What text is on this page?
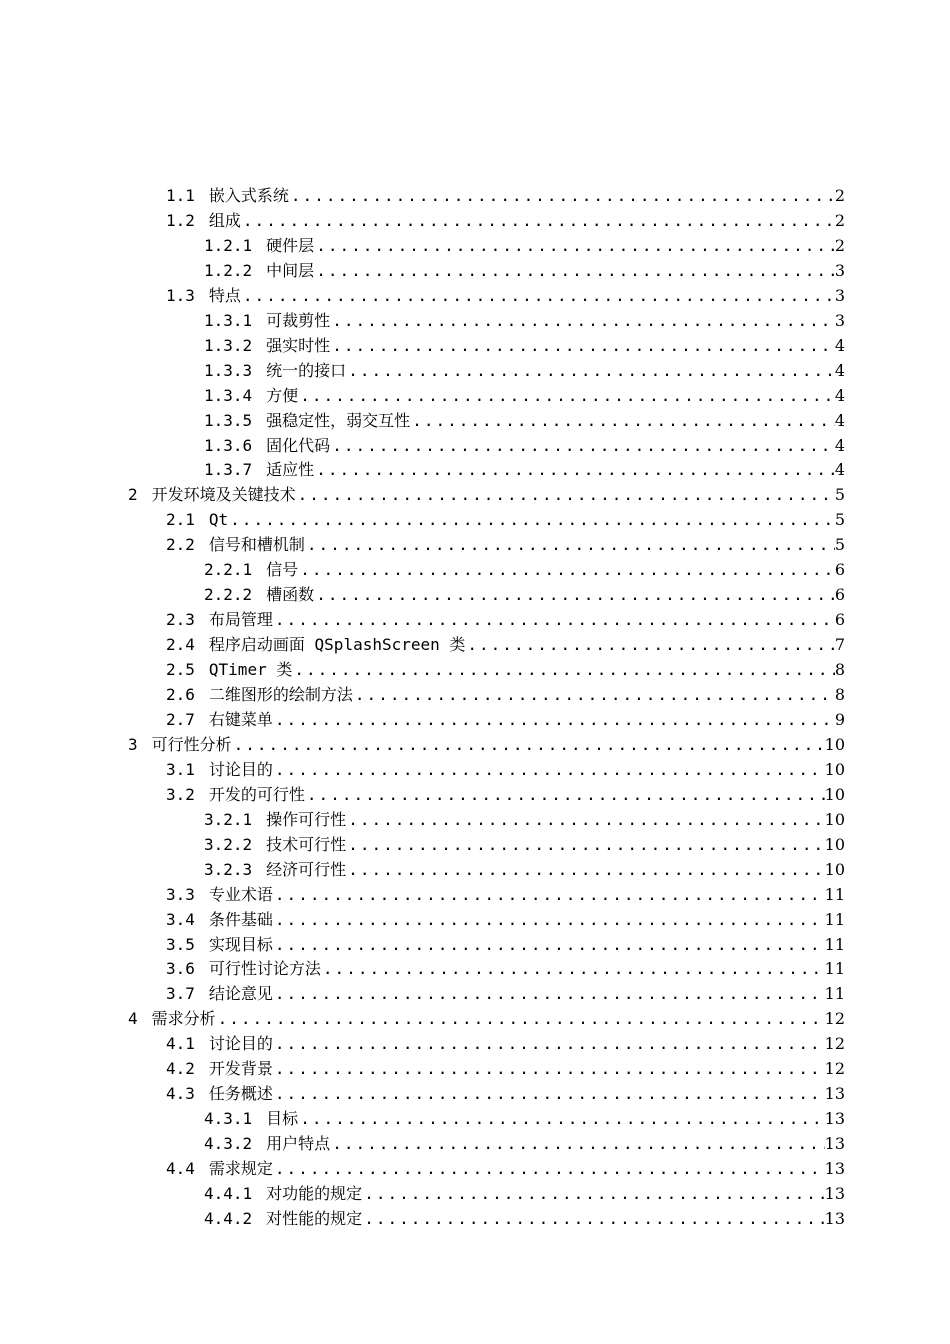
1.1 嵌入式系统 .....	2
1.2 组成 .....	2
1.2.1 硬件层 .....	2
1.2.2 中间层 .....	3
1.3 特点 .....	3
1.3.1 可裁剪性 .....	3
1.3.2 强实时性 .....	4
1.3.3 统一的接口 .....	4
1.3.4 方便 .....	4
1.3.5 强稳定性，弱交互性 .....	4
1.3.6 固化代码 .....	4
1.3.7 适应性 .....	4
2 开发环境及关键技术 .....	5
2.1 Qt .....	5
2.2 信号和槽机制 .....	5
2.2.1 信号 .....	6
2.2.2 槽函数 .....	6
2.3 布局管理 .....	6
2.4 程序启动画面 QSplashScreen 类 .....	7
2.5 QTimer 类 .....	8
2.6 二维图形的绘制方法 .....	8
2.7 右键菜单 .....	9
3 可行性分析 .....	10
3.1 讨论目的 .....	10
3.2 开发的可行性 .....	10
3.2.1 操作可行性 .....	10
3.2.2 技术可行性 .....	10
3.2.3 经济可行性 .....	10
3.3 专业术语 .....	11
3.4 条件基础 .....	11
3.5 实现目标 .....	11
3.6 可行性讨论方法 .....	11
3.7 结论意见 .....	11
4 需求分析 .....	12
4.1 讨论目的 .....	12
4.2 开发背景 .....	12
4.3 任务概述 .....	13
4.3.1 目标 .....	13
4.3.2 用户特点 .....	13
4.4 需求规定 .....	13
4.4.1 对功能的规定 .....	13
4.4.2 对性能的规定 .....	13
